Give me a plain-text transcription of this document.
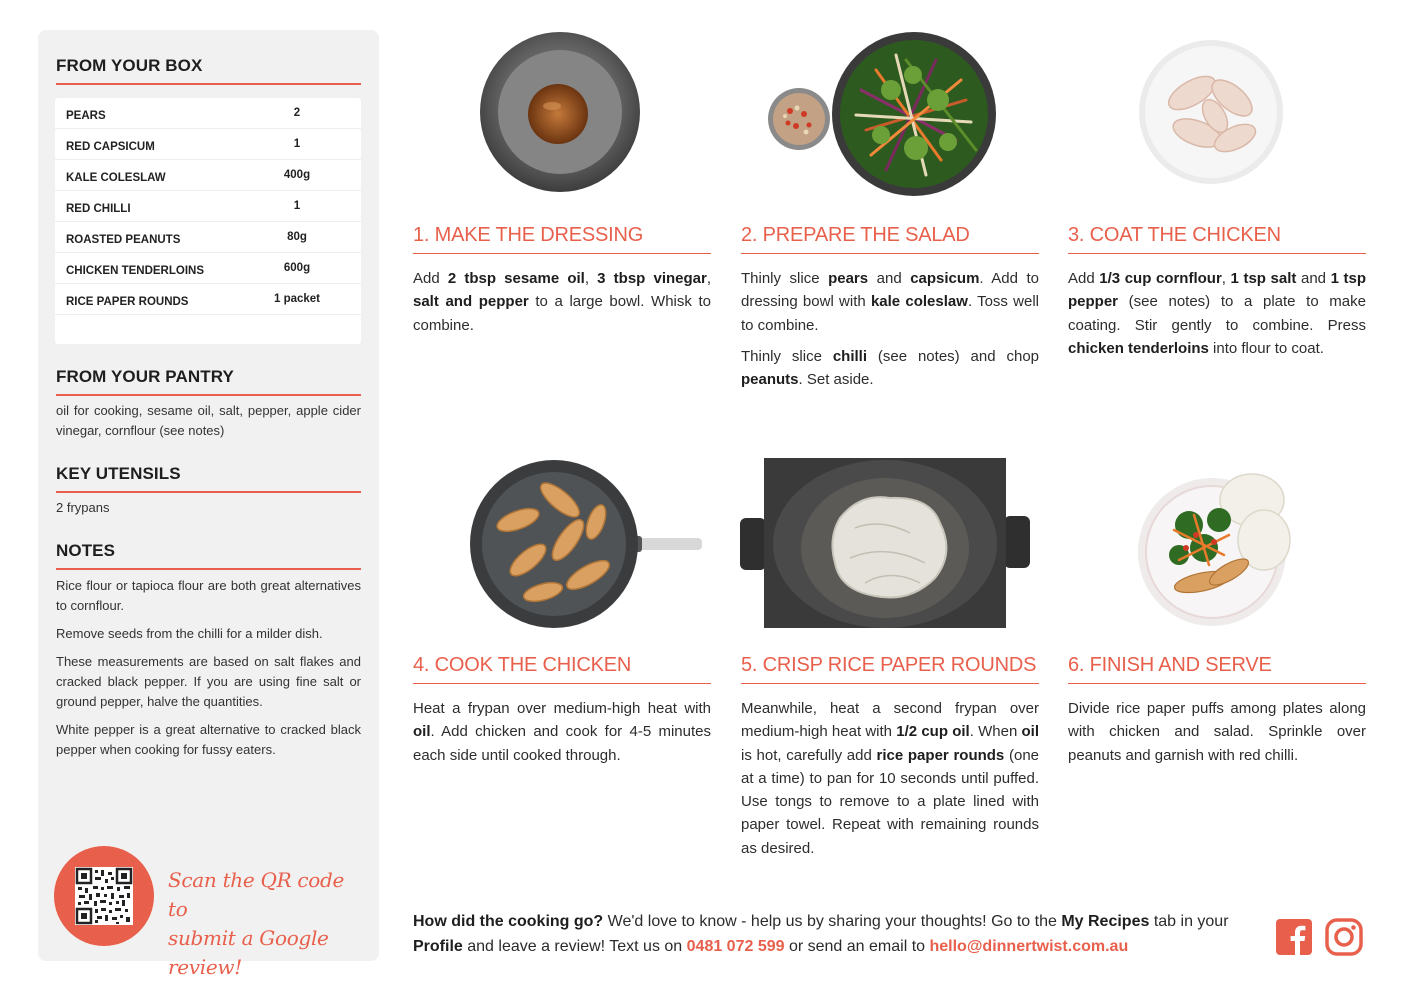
FROM YOUR BOX
PEARS	2
RED CAPSICUM	1
KALE COLESLAW	400g
RED CHILLI	1
ROASTED PEANUTS	80g
CHICKEN TENDERLOINS	600g
RICE PAPER ROUNDS	1 packet
FROM YOUR PANTRY
oil for cooking, sesame oil, salt, pepper, apple cider vinegar, cornflour (see notes)
KEY UTENSILS
2 frypans
NOTES

Rice flour or tapioca flour are both great alternatives to cornflour.

Remove seeds from the chilli for a milder dish.

These measurements are based on salt flakes and cracked black pepper. If you are using fine salt or ground pepper, halve the quantities.

White pepper is a great alternative to cracked black pepper when cooking for fussy eaters.

Scan the QR code to
submit a Google review!
1. MAKE THE DRESSING

Add 2 tbsp sesame oil, 3 tbsp vinegar, salt and pepper to a large bowl. Whisk to combine.

2. PREPARE THE SALAD

Thinly slice pears and capsicum. Add to dressing bowl with kale coleslaw. Toss well to combine.

Thinly slice chilli (see notes) and chop peanuts. Set aside.

3. COAT THE CHICKEN

Add 1/3 cup cornflour, 1 tsp salt and 1 tsp pepper (see notes) to a plate to make coating. Stir gently to combine. Press chicken tenderloins into flour to coat.

4. COOK THE CHICKEN

Heat a frypan over medium-high heat with oil. Add chicken and cook for 4-5 minutes each side until cooked through.

5. CRISP RICE PAPER ROUNDS

Meanwhile, heat a second frypan over medium-high heat with 1/2 cup oil. When oil is hot, carefully add rice paper rounds (one at a time) to pan for 10 seconds until puffed. Use tongs to remove to a plate lined with paper towel. Repeat with remaining rounds as desired.

6. FINISH AND SERVE

Divide rice paper puffs among plates along with chicken and salad. Sprinkle over peanuts and garnish with red chilli.

How did the cooking go? We'd love to know - help us by sharing your thoughts! Go to the My Recipes tab in your Profile and leave a review! Text us on 0481 072 599 or send an email to hello@dinnertwist.com.au
